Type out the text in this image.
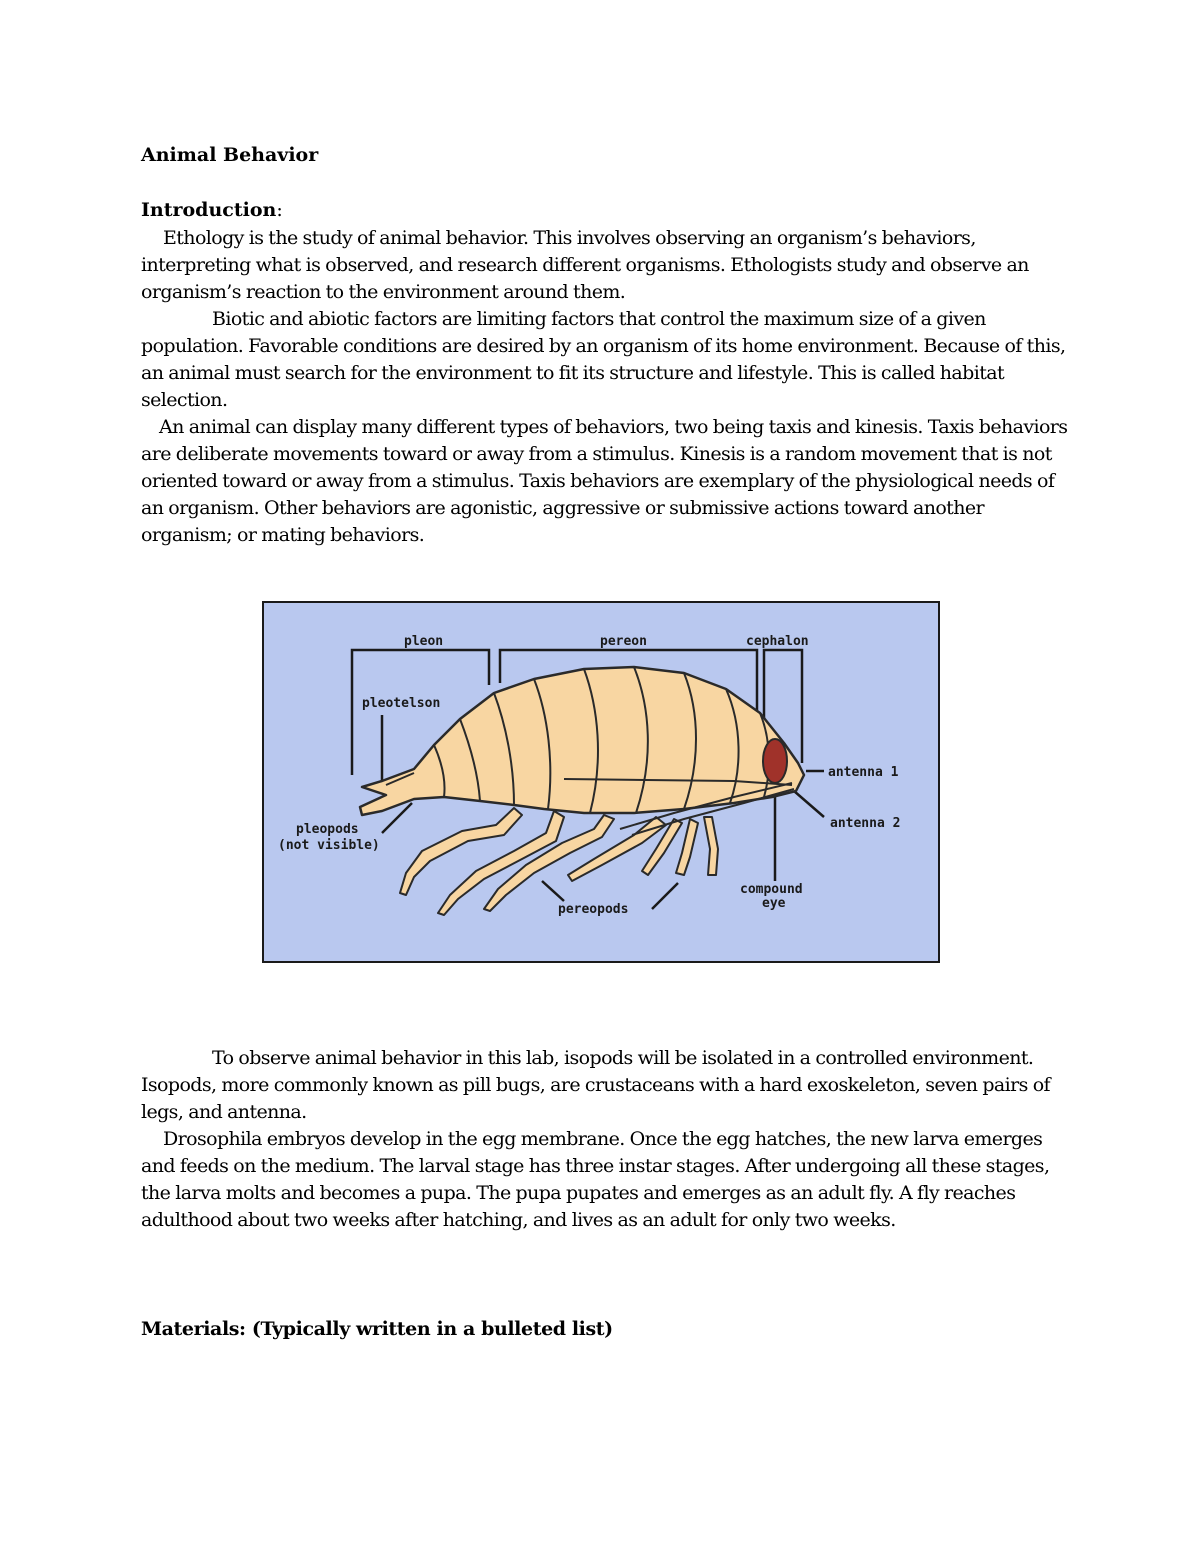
Animal Behavior
Introduction:

Ethology is the study of animal behavior. This involves observing an organism’s behaviors, interpreting what is observed, and research different organisms. Ethologists study and observe an organism’s reaction to the environment around them.

Biotic and abiotic factors are limiting factors that control the maximum size of a given population. Favorable conditions are desired by an organism of its home environment. Because of this, an animal must search for the environment to fit its structure and lifestyle. This is called habitat selection.

An animal can display many different types of behaviors, two being taxis and kinesis. Taxis behaviors are deliberate movements toward or away from a stimulus. Kinesis is a random movement that is not oriented toward or away from a stimulus. Taxis behaviors are exemplary of the physiological needs of an organism. Other behaviors are agonistic, aggressive or submissive actions toward another organism; or mating behaviors.

pleon	pereon	cephalon
pleotelson
antenna 1
antenna 2
pleopods
(not visible)
pereopods
compound
eye

To observe animal behavior in this lab, isopods will be isolated in a controlled environment. Isopods, more commonly known as pill bugs, are crustaceans with a hard exoskeleton, seven pairs of legs, and antenna.

Drosophila embryos develop in the egg membrane. Once the egg hatches, the new larva emerges and feeds on the medium. The larval stage has three instar stages. After undergoing all these stages, the larva molts and becomes a pupa. The pupa pupates and emerges as an adult fly. A fly reaches adulthood about two weeks after hatching, and lives as an adult for only two weeks.

Materials: (Typically written in a bulleted list)
